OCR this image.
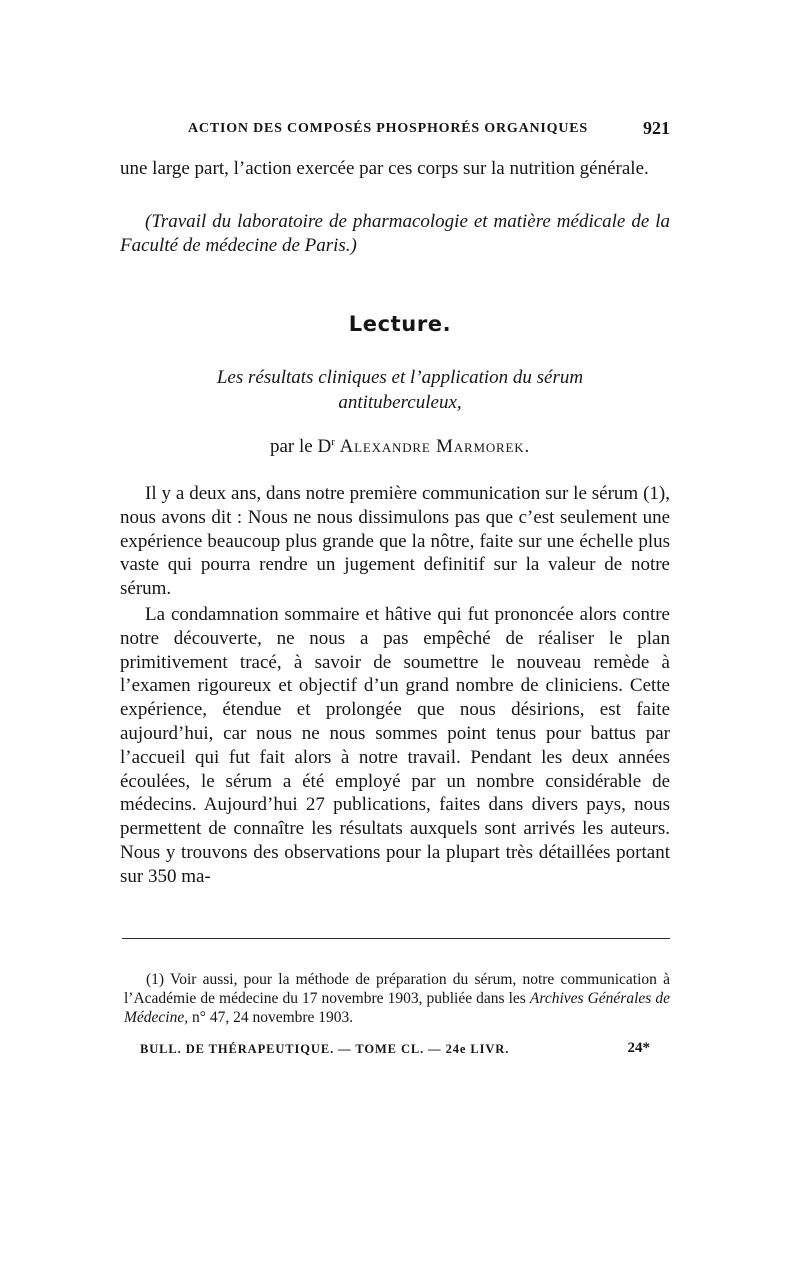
ACTION DES COMPOSÉS PHOSPHORÉS ORGANIQUES	921

une large part, l’action exercée par ces corps sur la nutrition générale.

(Travail du laboratoire de pharmacologie et matière médicale de la Faculté de médecine de Paris.)

Lecture.
Les résultats cliniques et l’application du sérum
antituberculeux,
par le $D^r$ Alexandre Marmorek.

Il y a deux ans, dans notre première communication sur le sérum (1), nous avons dit : Nous ne nous dissimulons pas que c’est seulement une expérience beaucoup plus grande que la nôtre, faite sur une échelle plus vaste qui pourra rendre un jugement definitif sur la valeur de notre sérum.

La condamnation sommaire et hâtive qui fut prononcée alors contre notre découverte, ne nous a pas empêché de réaliser le plan primitivement tracé, à savoir de soumettre le nouveau remède à l’examen rigoureux et objectif d’un grand nombre de cliniciens. Cette expérience, étendue et prolongée que nous désirions, est faite aujourd’hui, car nous ne nous sommes point tenus pour battus par l’accueil qui fut fait alors à notre travail. Pendant les deux années écoulées, le sérum a été employé par un nombre considérable de médecins. Aujourd’hui 27 publications, faites dans divers pays, nous permettent de connaître les résultats auxquels sont arrivés les auteurs. Nous y trouvons des observations pour la plupart très détaillées portant sur 350 ma-

(1) Voir aussi, pour la méthode de préparation du sérum, notre communication à l’Académie de médecine du 17 novembre 1903, publiée dans les Archives Générales de Médecine, n° 47, 24 novembre 1903.

BULL. DE THÉRAPEUTIQUE. — TOME CL. — 24e LIVR.	24*
